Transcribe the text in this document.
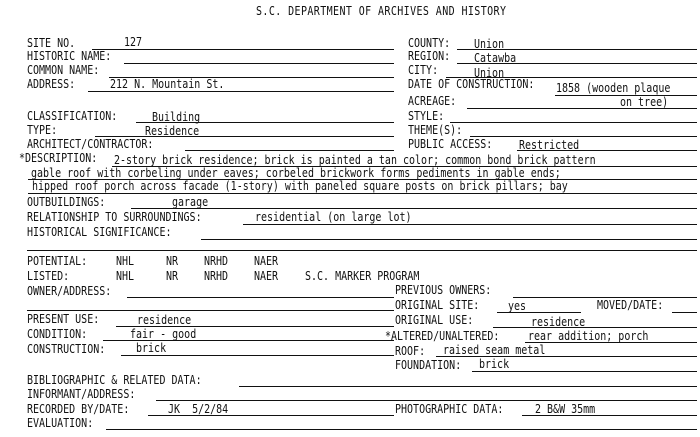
S.C. DEPARTMENT OF ARCHIVES AND HISTORY
SITE NO.	127	COUNTY: Union
HISTORIC NAME:	REGION: Catawba
COMMON NAME:	CITY:	Union
ADDRESS:	212 N. Mountain St.	DATE OF CONSTRUCTION: 1858 (wooden plaque
ACREAGE:	on tree)
CLASSIFICATION:	Building	STYLE:
TYPE:	Residence	THEME(S):
ARCHITECT/CONTRACTOR:	PUBLIC ACCESS: Restricted
*DESCRIPTION: 2-story brick residence; brick is painted a tan color; common bond brick pattern
gable roof with corbeling under eaves; corbeled brickwork forms pediments in gable ends;
hipped roof porch across facade (1-story) with paneled square posts on brick pillars; bay
OUTBUILDINGS:	garage
RELATIONSHIP TO SURROUNDINGS:	residential (on large lot)
HISTORICAL SIGNIFICANCE:
POTENTIAL: NHL	NR NRHD NAER
LISTED:	NHL	NR NRHD NAER S.C. MARKER PROGRAM
OWNER/ADDRESS:	PREVIOUS OWNERS:
ORIGINAL SITE: yes	MOVED/DATE:
PRESENT USE:	residence	ORIGINAL USE:	residence
CONDITION:	fair - good	*ALTERED/UNALTERED: rear addition; porch
CONSTRUCTION: brick	ROOF: raised seam metal
FOUNDATION: brick
BIBLIOGRAPHIC & RELATED DATA:
INFORMANT/ADDRESS:
RECORDED BY/DATE:	JK  5/2/84	PHOTOGRAPHIC DATA:	2 B&W 35mm
EVALUATION:
